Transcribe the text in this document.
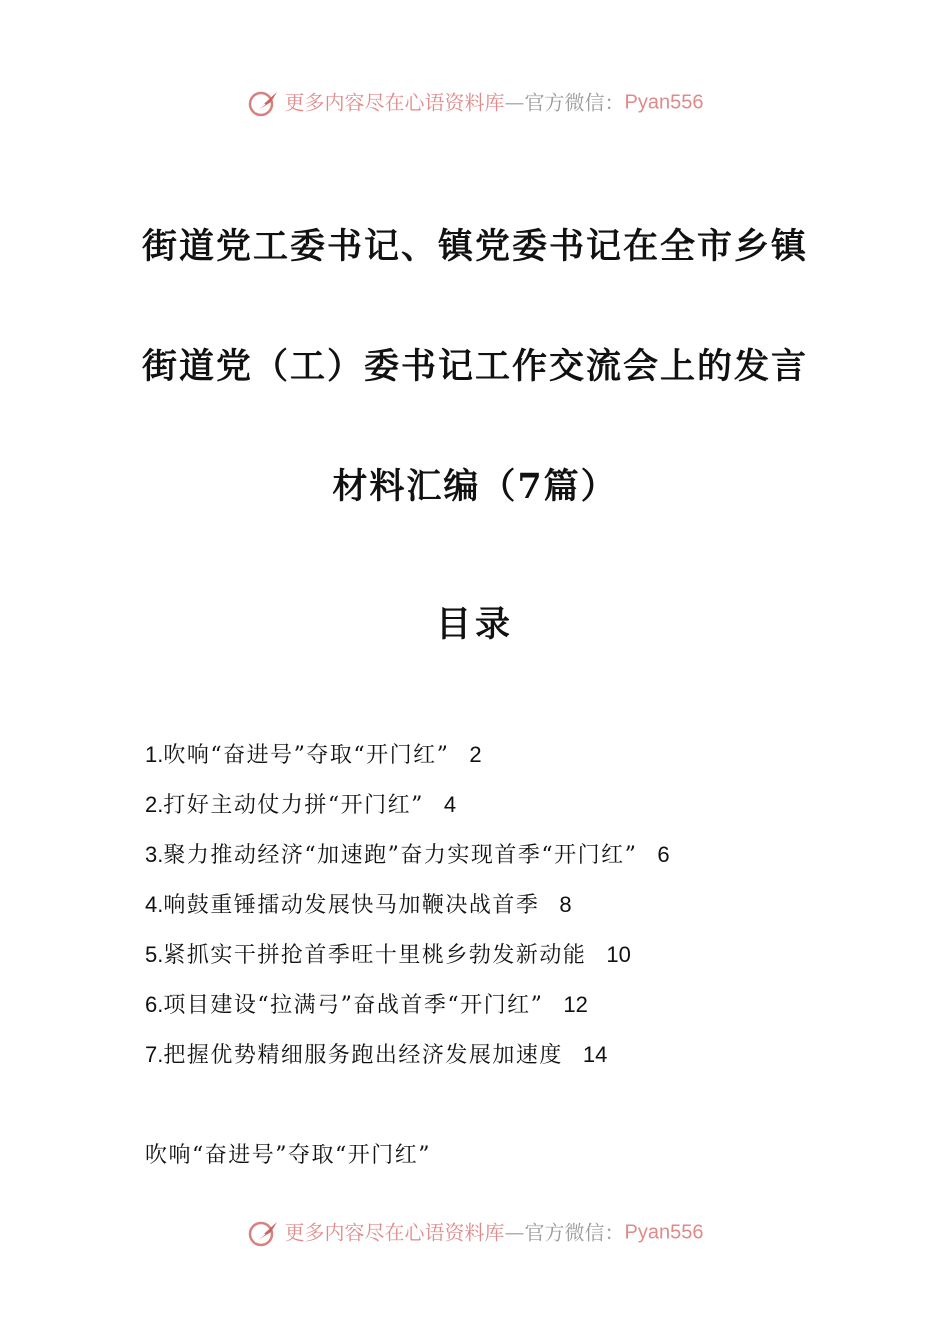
更多内容尽在心语资料库—官方微信：Pyan556
街道党工委书记、镇党委书记在全市乡镇
街道党（工）委书记工作交流会上的发言
材料汇编（7篇）
目录
1.吹响“奋进号”夺取“开门红” 2
2.打好主动仗力拼“开门红” 4
3.聚力推动经济“加速跑”奋力实现首季“开门红” 6
4.响鼓重锤擂动发展快马加鞭决战首季 8
5.紧抓实干拼抢首季旺十里桃乡勃发新动能 10
6.项目建设“拉满弓”奋战首季“开门红” 12
7.把握优势精细服务跑出经济发展加速度 14
吹响“奋进号”夺取“开门红”
更多内容尽在心语资料库—官方微信：Pyan556
